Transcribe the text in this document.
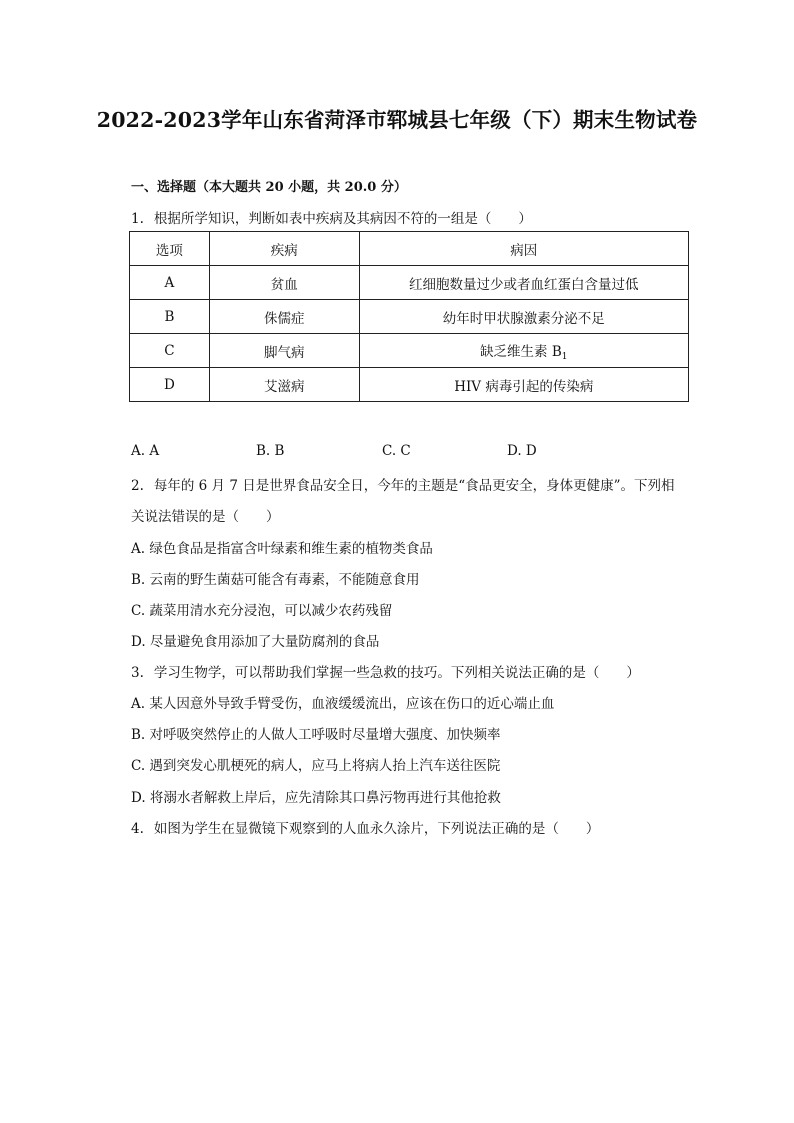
2022-2023学年山东省菏泽市郓城县七年级（下）期末生物试卷
一、选择题（本大题共 20 小题，共 20.0 分）
1. 根据所学知识，判断如表中疾病及其病因不符的一组是（　　）
选项	疾病	病因
A	贫血	红细胞数量过少或者血红蛋白含量过低
B	侏儒症	幼年时甲状腺激素分泌不足
C	脚气病	缺乏维生素 $B_1$
D	艾滋病	HIV 病毒引起的传染病
A. A	B. B	C. C	D. D
2. 每年的 6 月 7 日是世界食品安全日，今年的主题是“食品更安全，身体更健康”。下列相
关说法错误的是（　　）
A. 绿色食品是指富含叶绿素和维生素的植物类食品
B. 云南的野生菌菇可能含有毒素，不能随意食用
C. 蔬菜用清水充分浸泡，可以减少农药残留
D. 尽量避免食用添加了大量防腐剂的食品
3. 学习生物学，可以帮助我们掌握一些急救的技巧。下列相关说法正确的是（　　）
A. 某人因意外导致手臂受伤，血液缓缓流出，应该在伤口的近心端止血
B. 对呼吸突然停止的人做人工呼吸时尽量增大强度、加快频率
C. 遇到突发心肌梗死的病人，应马上将病人抬上汽车送往医院
D. 将溺水者解救上岸后，应先清除其口鼻污物再进行其他抢救
4. 如图为学生在显微镜下观察到的人血永久涂片，下列说法正确的是（　　）
